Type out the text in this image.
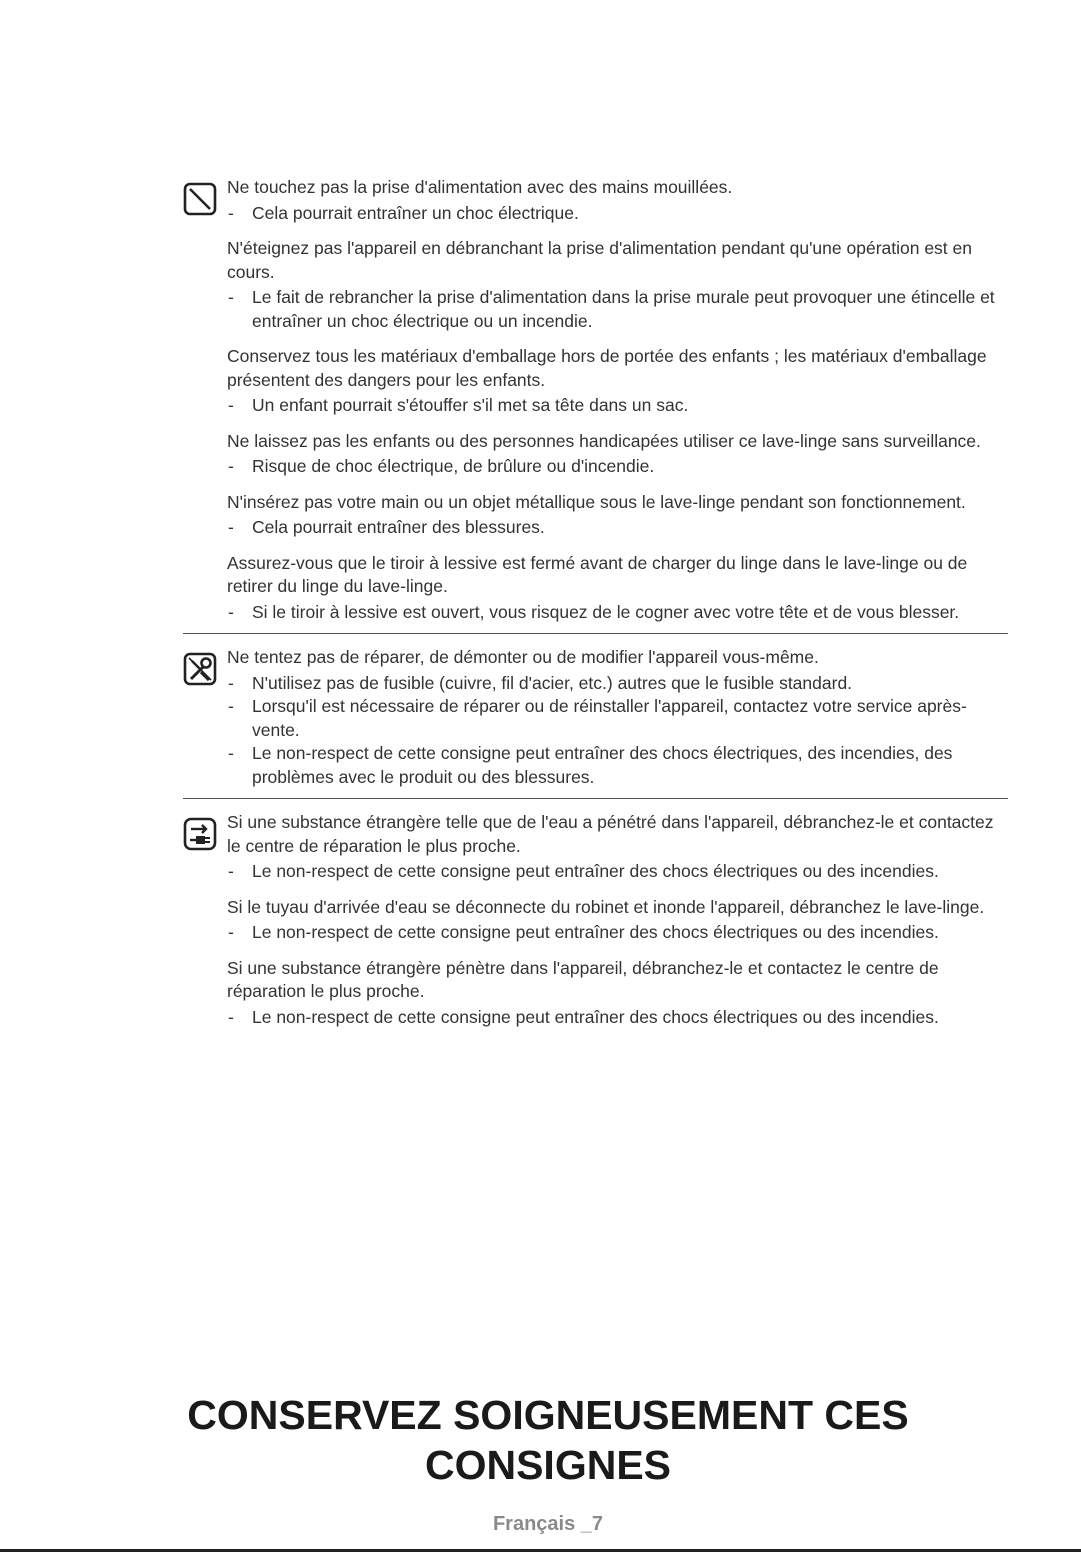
Ne touchez pas la prise d'alimentation avec des mains mouillées.

- Cela pourrait entraîner un choc électrique.

N'éteignez pas l'appareil en débranchant la prise d'alimentation pendant qu'une opération est en cours.

- Le fait de rebrancher la prise d'alimentation dans la prise murale peut provoquer une étincelle et entraîner un choc électrique ou un incendie.

Conservez tous les matériaux d'emballage hors de portée des enfants ; les matériaux d'emballage présentent des dangers pour les enfants.

- Un enfant pourrait s'étouffer s'il met sa tête dans un sac.

Ne laissez pas les enfants ou des personnes handicapées utiliser ce lave-linge sans surveillance.

- Risque de choc électrique, de brûlure ou d'incendie.

N'insérez pas votre main ou un objet métallique sous le lave-linge pendant son fonctionnement.

- Cela pourrait entraîner des blessures.

Assurez-vous que le tiroir à lessive est fermé avant de charger du linge dans le lave-linge ou de retirer du linge du lave-linge.

- Si le tiroir à lessive est ouvert, vous risquez de le cogner avec votre tête et de vous blesser.

Ne tentez pas de réparer, de démonter ou de modifier l'appareil vous-même.

- N'utilisez pas de fusible (cuivre, fil d'acier, etc.) autres que le fusible standard.
- Lorsqu'il est nécessaire de réparer ou de réinstaller l'appareil, contactez votre service après-vente.
- Le non-respect de cette consigne peut entraîner des chocs électriques, des incendies, des problèmes avec le produit ou des blessures.

Si une substance étrangère telle que de l'eau a pénétré dans l'appareil, débranchez-le et contactez le centre de réparation le plus proche.

- Le non-respect de cette consigne peut entraîner des chocs électriques ou des incendies.

Si le tuyau d'arrivée d'eau se déconnecte du robinet et inonde l'appareil, débranchez le lave-linge.

- Le non-respect de cette consigne peut entraîner des chocs électriques ou des incendies.

Si une substance étrangère pénètre dans l'appareil, débranchez-le et contactez le centre de réparation le plus proche.

- Le non-respect de cette consigne peut entraîner des chocs électriques ou des incendies.
CONSERVEZ SOIGNEUSEMENT CES
CONSIGNES
Français _7
